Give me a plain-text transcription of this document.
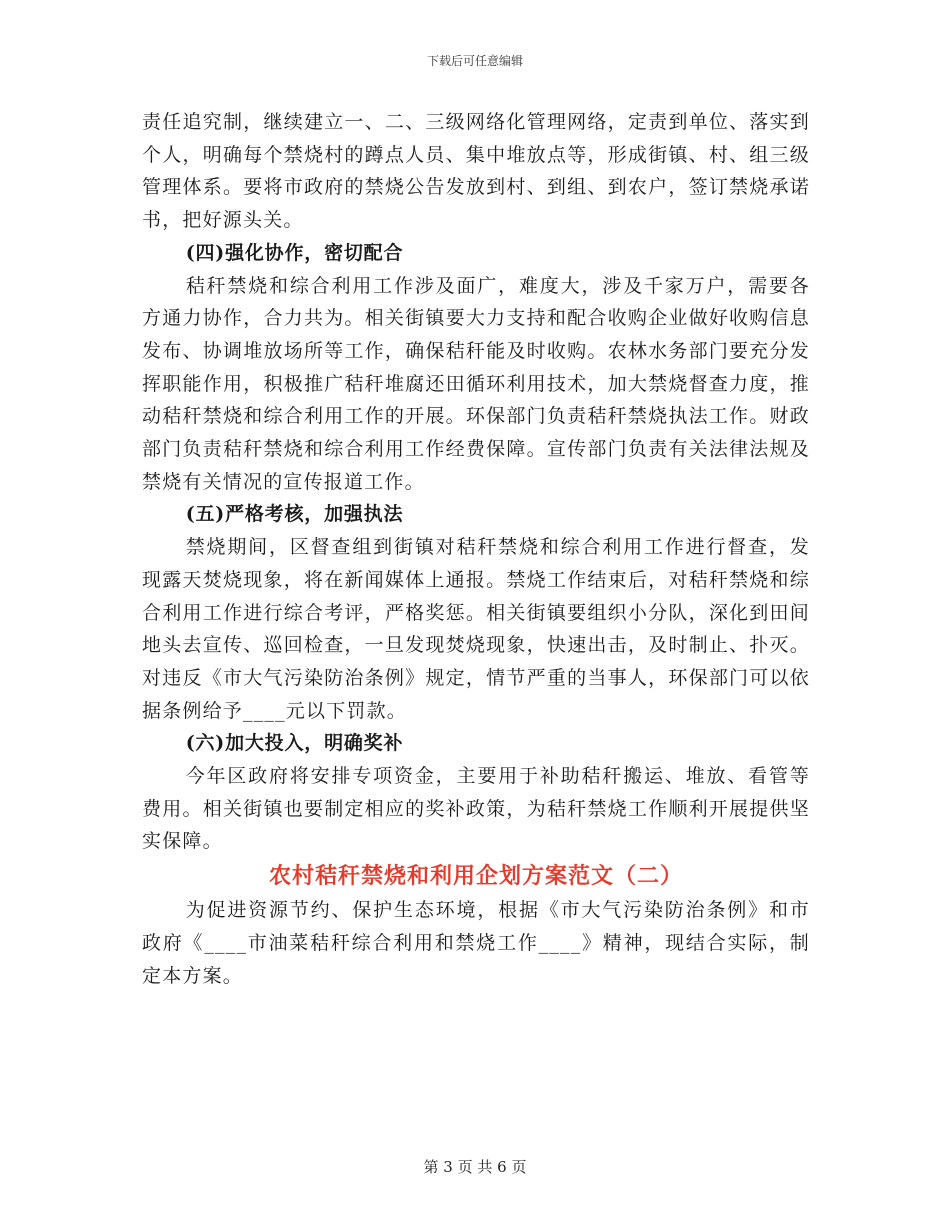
下载后可任意编辑

责任追究制，继续建立一、二、三级网络化管理网络，定责到单位、落实到个人，明确每个禁烧村的蹲点人员、集中堆放点等，形成街镇、村、组三级管理体系。要将市政府的禁烧公告发放到村、到组、到农户，签订禁烧承诺书，把好源头关。

(四)强化协作，密切配合

秸秆禁烧和综合利用工作涉及面广，难度大，涉及千家万户，需要各方通力协作，合力共为。相关街镇要大力支持和配合收购企业做好收购信息发布、协调堆放场所等工作，确保秸秆能及时收购。农林水务部门要充分发挥职能作用，积极推广秸秆堆腐还田循环利用技术，加大禁烧督查力度，推动秸秆禁烧和综合利用工作的开展。环保部门负责秸秆禁烧执法工作。财政部门负责秸秆禁烧和综合利用工作经费保障。宣传部门负责有关法律法规及禁烧有关情况的宣传报道工作。

(五)严格考核，加强执法

禁烧期间，区督查组到街镇对秸秆禁烧和综合利用工作进行督查，发现露天焚烧现象，将在新闻媒体上通报。禁烧工作结束后，对秸秆禁烧和综合利用工作进行综合考评，严格奖惩。相关街镇要组织小分队，深化到田间地头去宣传、巡回检查，一旦发现焚烧现象，快速出击，及时制止、扑灭。对违反《市大气污染防治条例》规定，情节严重的当事人，环保部门可以依据条例给予____元以下罚款。

(六)加大投入，明确奖补

今年区政府将安排专项资金，主要用于补助秸秆搬运、堆放、看管等费用。相关街镇也要制定相应的奖补政策，为秸秆禁烧工作顺利开展提供坚实保障。

农村秸秆禁烧和利用企划方案范文（二）

为促进资源节约、保护生态环境，根据《市大气污染防治条例》和市政府《____市油菜秸秆综合利用和禁烧工作____》精神，现结合实际，制定本方案。

第 3 页 共 6 页
